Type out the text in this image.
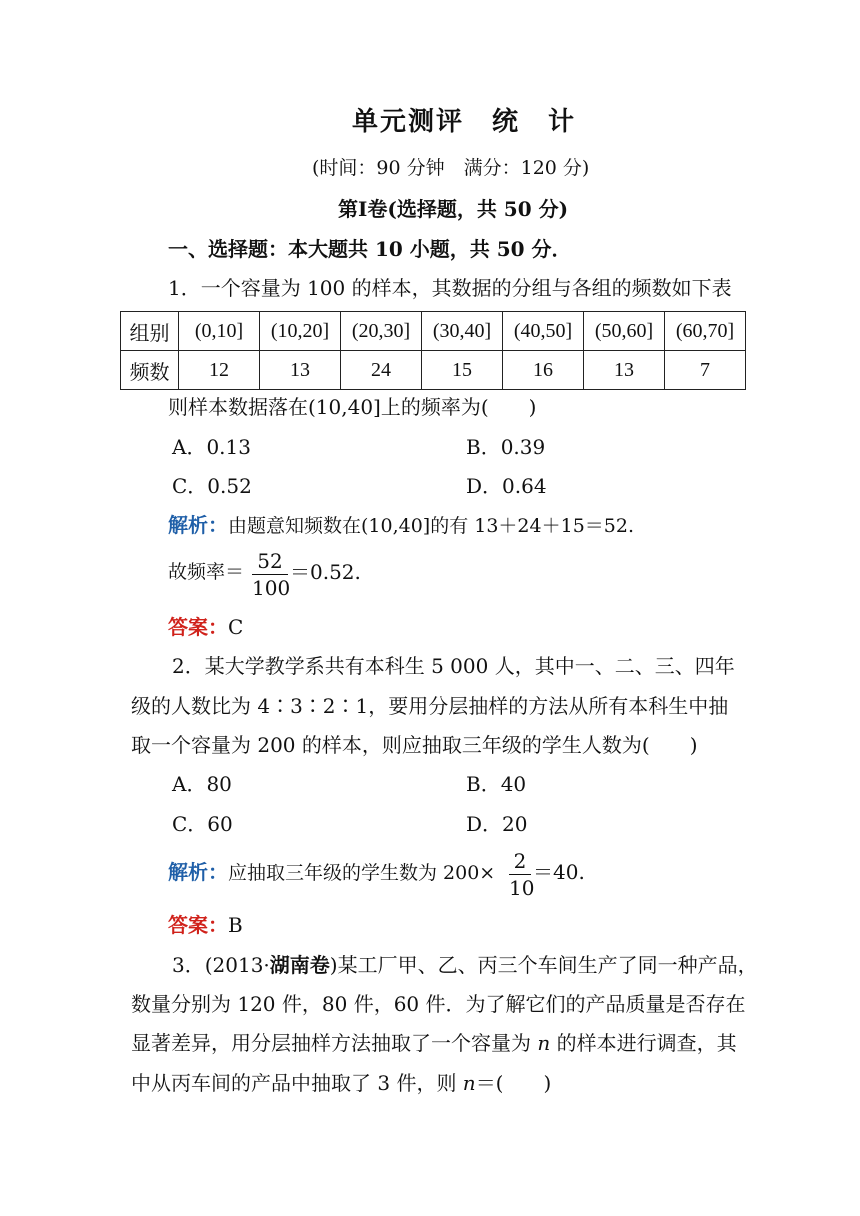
单元测评　统　计
(时间：90 分钟　满分：120 分)
第Ⅰ卷(选择题，共 50 分)
一、选择题：本大题共 10 小题，共 50 分．
1．一个容量为 100 的样本，其数据的分组与各组的频数如下表
组别	(0,10]	(10,20]	(20,30]	(30,40]	(40,50]	(50,60]	(60,70]
频数	12	13	24	15	16	13	7
则样本数据落在(10,40]上的频率为(　　)
A．0.13	B．0.39
C．0.52	D．0.64
解析：由题意知频数在(10,40]的有 13＋24＋15＝52.
故频率＝ 52
100
＝0.52.
答案：C
2．某大学教学系共有本科生 5 000 人，其中一、二、三、四年
级的人数比为 4∶3∶2∶1，要用分层抽样的方法从所有本科生中抽
取一个容量为 200 的样本，则应抽取三年级的学生人数为(　　)
A．80	B．40
C．60	D．20
解析：应抽取三年级的学生数为 200× 2
10
＝40.
答案：B
3．(2013·湖南卷)某工厂甲、乙、丙三个车间生产了同一种产品，
数量分别为 120 件，80 件，60 件．为了解它们的产品质量是否存在
显著差异，用分层抽样方法抽取了一个容量为 n 的样本进行调查，其
中从丙车间的产品中抽取了 3 件，则 n＝(　　)
